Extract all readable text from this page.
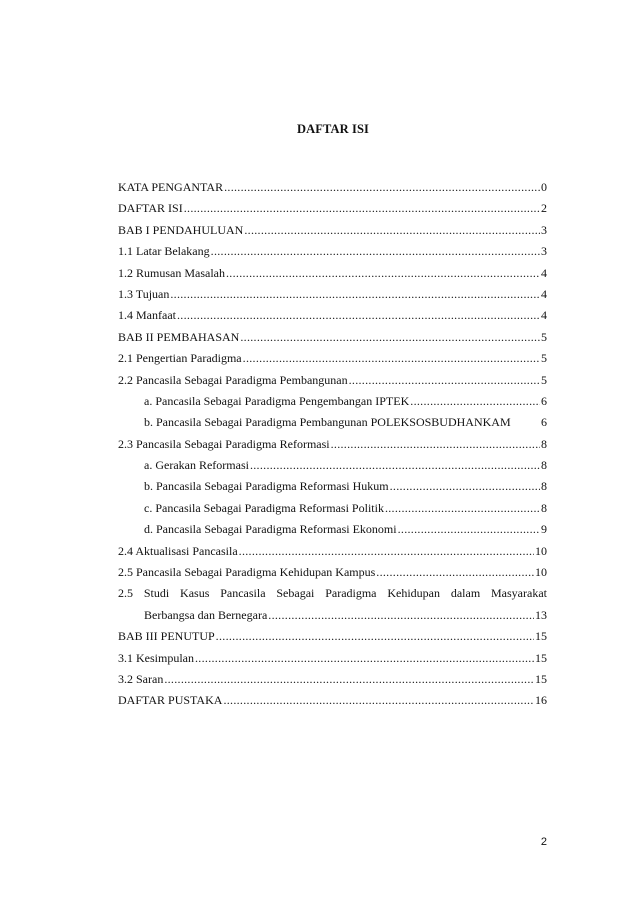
DAFTAR ISI
KATA PENGANTAR .....	0
DAFTAR ISI .....	2
BAB I PENDAHULUAN .....	3
1.1 Latar Belakang .....	3
1.2 Rumusan Masalah .....	4
1.3 Tujuan .....	4
1.4 Manfaat .....	4
BAB II PEMBAHASAN .....	5
2.1 Pengertian Paradigma .....	5
2.2 Pancasila Sebagai Paradigma Pembangunan .....	5
a. Pancasila Sebagai Paradigma Pengembangan IPTEK .....	6
b. Pancasila Sebagai Paradigma Pembangunan POLEKSOSBUDHANKAM	6
2.3 Pancasila Sebagai Paradigma Reformasi .....	8
a. Gerakan Reformasi .....	8
b. Pancasila Sebagai Paradigma Reformasi Hukum .....	8
c. Pancasila Sebagai Paradigma Reformasi Politik .....	8
d. Pancasila Sebagai Paradigma Reformasi Ekonomi .....	9
2.4 Aktualisasi Pancasila .....	10
2.5 Pancasila Sebagai Paradigma Kehidupan Kampus .....	10
2.5 Studi Kasus Pancasila Sebagai Paradigma Kehidupan dalam Masyarakat
Berbangsa dan Bernegara .....	13
BAB III PENUTUP .....	15
3.1 Kesimpulan .....	15
3.2 Saran .....	15
DAFTAR PUSTAKA .....	16
2
